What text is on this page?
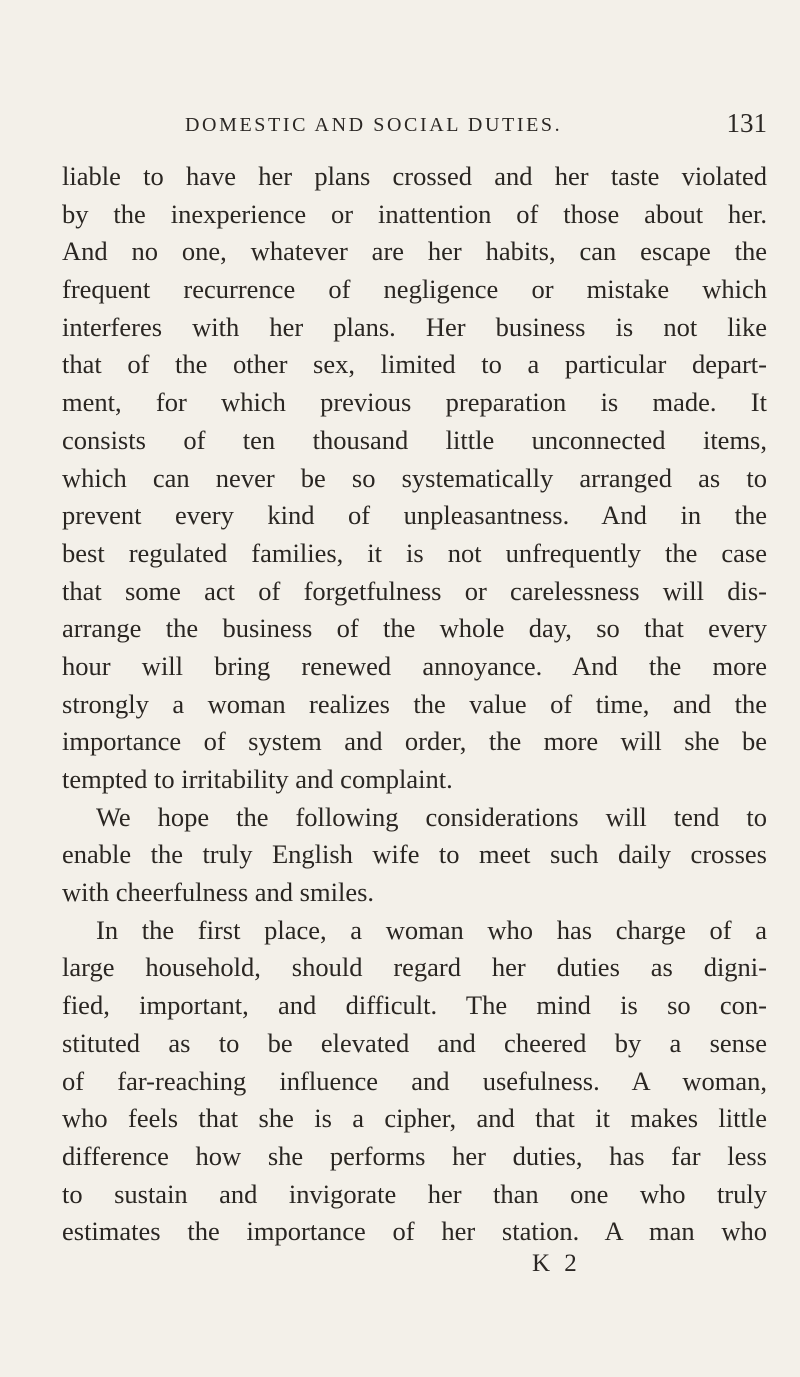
DOMESTIC AND SOCIAL DUTIES.	131
liable to have her plans crossed and her taste violated
by the inexperience or inattention of those about her.
And no one, whatever are her habits, can escape the
frequent recurrence of negligence or mistake which
interferes with her plans. Her business is not like
that of the other sex, limited to a particular depart-
ment, for which previous preparation is made. It
consists of ten thousand little unconnected items,
which can never be so systematically arranged as to
prevent every kind of unpleasantness. And in the
best regulated families, it is not unfrequently the case
that some act of forgetfulness or carelessness will dis-
arrange the business of the whole day, so that every
hour will bring renewed annoyance. And the more
strongly a woman realizes the value of time, and the
importance of system and order, the more will she be
tempted to irritability and complaint.
We hope the following considerations will tend to
enable the truly English wife to meet such daily crosses
with cheerfulness and smiles.
In the first place, a woman who has charge of a
large household, should regard her duties as digni-
fied, important, and difficult. The mind is so con-
stituted as to be elevated and cheered by a sense
of far-reaching influence and usefulness. A woman,
who feels that she is a cipher, and that it makes little
difference how she performs her duties, has far less
to sustain and invigorate her than one who truly
estimates the importance of her station. A man who
K 2
